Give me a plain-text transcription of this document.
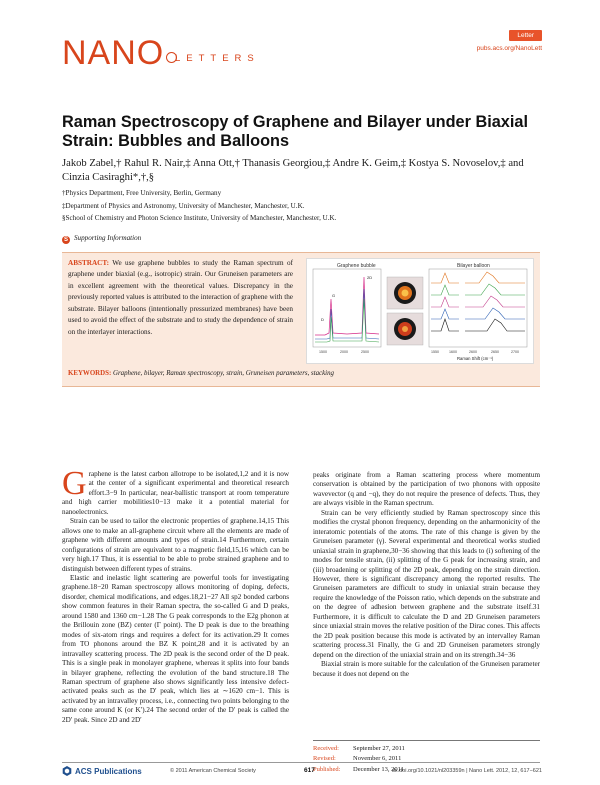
NANO	LETTERS
Letter
pubs.acs.org/NanoLett
Raman Spectroscopy of Graphene and Bilayer under Biaxial Strain: Bubbles and Balloons
Jakob Zabel,† Rahul R. Nair,‡ Anna Ott,† Thanasis Georgiou,‡ Andre K. Geim,‡ Kostya S. Novoselov,‡ and Cinzia Casiraghi*,†,§
†Physics Department, Free University, Berlin, Germany
‡Department of Physics and Astronomy, University of Manchester, Manchester, U.K.
§School of Chemistry and Photon Science Institute, University of Manchester, Manchester, U.K.
S Supporting Information
ABSTRACT: We use graphene bubbles to study the Raman spectrum of graphene under biaxial (e.g., isotropic) strain. Our Gruneisen parameters are in excellent agreement with the theoretical values. Discrepancy in the previously reported values is attributed to the interaction of graphene with the substrate. Bilayer balloons (intentionally pressurized membranes) have been used to avoid the effect of the substrate and to study the dependence of strain on the interlayer interactions.
Graphene bubble
D
G
2D
1500	2000	2500
Bilayer balloon
1550	1600	2600	2650	2700
Raman Shift (cm⁻¹)
KEYWORDS: Graphene, bilayer, Raman spectroscopy, strain, Gruneisen parameters, stacking

Graphene is the latest carbon allotrope to be isolated,1,2 and it is now at the center of a significant experimental and theoretical research effort.3−9 In particular, near-ballistic transport at room temperature and high carrier mobilities10−13 make it a potential material for nanoelectronics.

Strain can be used to tailor the electronic properties of graphene.14,15 This allows one to make an all-graphene circuit where all the elements are made of graphene with different amounts and types of strain.14 Furthermore, certain configurations of strain are equivalent to a magnetic field,15,16 which can be very high.17 Thus, it is essential to be able to probe strained graphene and to distinguish between different types of strains.

Elastic and inelastic light scattering are powerful tools for investigating graphene.18−20 Raman spectroscopy allows monitoring of doping, defects, disorder, chemical modifications, and edges.18,21−27 All sp2 bonded carbons show common features in their Raman spectra, the so-called G and D peaks, around 1580 and 1360 cm−1.28 The G peak corresponds to the E2g phonon at the Brillouin zone (BZ) center (Γ point). The D peak is due to the breathing modes of six-atom rings and requires a defect for its activation.29 It comes from TO phonons around the BZ K point,28 and it is activated by an intravalley scattering process. The 2D peak is the second order of the D peak. This is a single peak in monolayer graphene, whereas it splits into four bands in bilayer graphene, reflecting the evolution of the band structure.18 The Raman spectrum of graphene also shows significantly less intensive defect-activated peaks such as the D′ peak, which lies at ∼1620 cm−1. This is activated by an intravalley process, i.e., connecting two points belonging to the same cone around K (or K′).24 The second order of the D′ peak is called the 2D′ peak. Since 2D and 2D′

peaks originate from a Raman scattering process where momentum conservation is obtained by the participation of two phonons with opposite wavevector (q and −q), they do not require the presence of defects. Thus, they are always visible in the Raman spectrum.

Strain can be very efficiently studied by Raman spectroscopy since this modifies the crystal phonon frequency, depending on the anharmonicity of the interatomic potentials of the atoms. The rate of this change is given by the Gruneisen parameter (γ). Several experimental and theoretical works studied uniaxial strain in graphene,30−36 showing that this leads to (i) softening of the modes for tensile strain, (ii) splitting of the G peak for increasing strain, and (iii) broadening or splitting of the 2D peak, depending on the strain direction. However, there is significant discrepancy among the reported results. The Gruneisen parameters are difficult to study in uniaxial strain because they require the knowledge of the Poisson ratio, which depends on the substrate and on the degree of adhesion between graphene and the substrate itself.31 Furthermore, it is difficult to calculate the D and 2D Gruneisen parameters since uniaxial strain moves the relative position of the Dirac cones. This affects the 2D peak position because this mode is activated by an intervalley Raman scattering process.31 Finally, the G and 2D Gruneisen parameters strongly depend on the direction of the uniaxial strain and on its strength.34−36

Biaxial strain is more suitable for the calculation of the Gruneisen parameter because it does not depend on the

Received: September 27, 2011
Revised:	November 6, 2011
Published: December 13, 2011
ACS Publications	© 2011 American Chemical Society	617	dx.doi.org/10.1021/nl203359n | Nano Lett. 2012, 12, 617−621
